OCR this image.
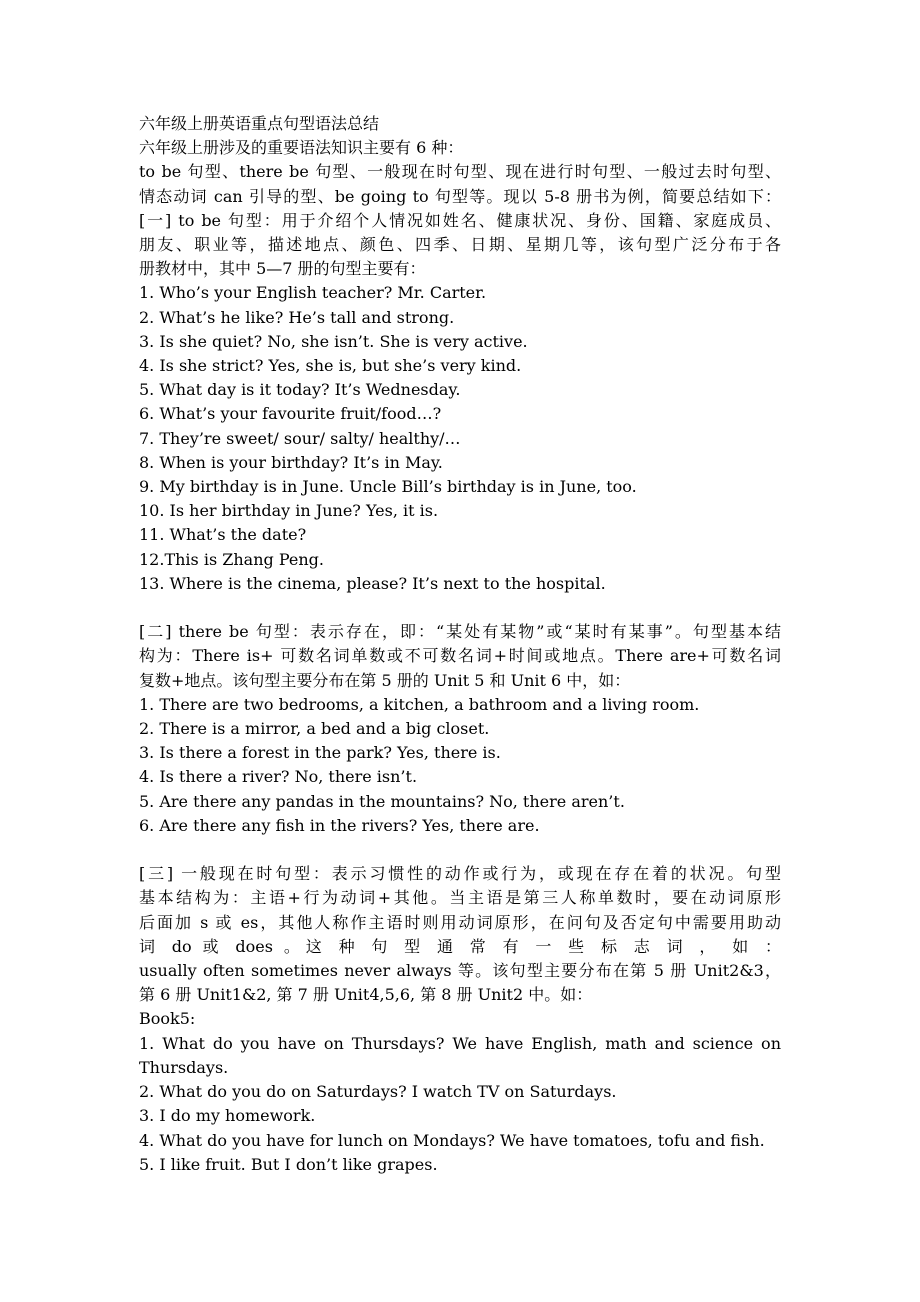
六年级上册英语重点句型语法总结
六年级上册涉及的重要语法知识主要有 6 种：
to be 句型、there be 句型、一般现在时句型、现在进行时句型、一般过去时句型、
情态动词 can 引导的型、be going to 句型等。现以 5-8 册书为例，简要总结如下：
[一] to be 句型：用于介绍个人情况如姓名、健康状况、身份、国籍、家庭成员、
朋友、职业等，描述地点、颜色、四季、日期、星期几等，该句型广泛分布于各
册教材中，其中 5—7 册的句型主要有：
1. Who’s your English teacher? Mr. Carter.
2. What’s he like? He’s tall and strong.
3. Is she quiet? No, she isn’t. She is very active.
4. Is she strict? Yes, she is, but she’s very kind.
5. What day is it today? It’s Wednesday.
6. What’s your favourite fruit/food…?
7. They’re sweet/ sour/ salty/ healthy/…
8. When is your birthday? It’s in May.
9. My birthday is in June. Uncle Bill’s birthday is in June, too.
10. Is her birthday in June? Yes, it is.
11. What’s the date?
12.This is Zhang Peng.
13. Where is the cinema, please? It’s next to the hospital.
[二] there be 句型：表示存在，即：“某处有某物”或“某时有某事”。句型基本结
构为：There is+ 可数名词单数或不可数名词+时间或地点。There are+可数名词
复数+地点。该句型主要分布在第 5 册的 Unit 5 和 Unit 6 中，如：
1. There are two bedrooms, a kitchen, a bathroom and a living room.
2. There is a mirror, a bed and a big closet.
3. Is there a forest in the park? Yes, there is.
4. Is there a river? No, there isn’t.
5. Are there any pandas in the mountains? No, there aren’t.
6. Are there any fish in the rivers? Yes, there are.
[三] 一般现在时句型：表示习惯性的动作或行为，或现在存在着的状况。句型
基本结构为：主语+行为动词+其他。当主语是第三人称单数时，要在动词原形
后面加 s 或 es，其他人称作主语时则用动词原形，在问句及否定句中需要用助动
词 do 或 does 。这 种 句 型 通 常 有 一 些 标 志 词 ， 如 ：
usually often sometimes never always 等。该句型主要分布在第 5 册 Unit2&3，
第 6 册 Unit1&2, 第 7 册 Unit4,5,6, 第 8 册 Unit2 中。如：
Book5:
1. What do you have on Thursdays? We have English, math and science on
Thursdays.
2. What do you do on Saturdays? I watch TV on Saturdays.
3. I do my homework.
4. What do you have for lunch on Mondays? We have tomatoes, tofu and fish.
5. I like fruit. But I don’t like grapes.
